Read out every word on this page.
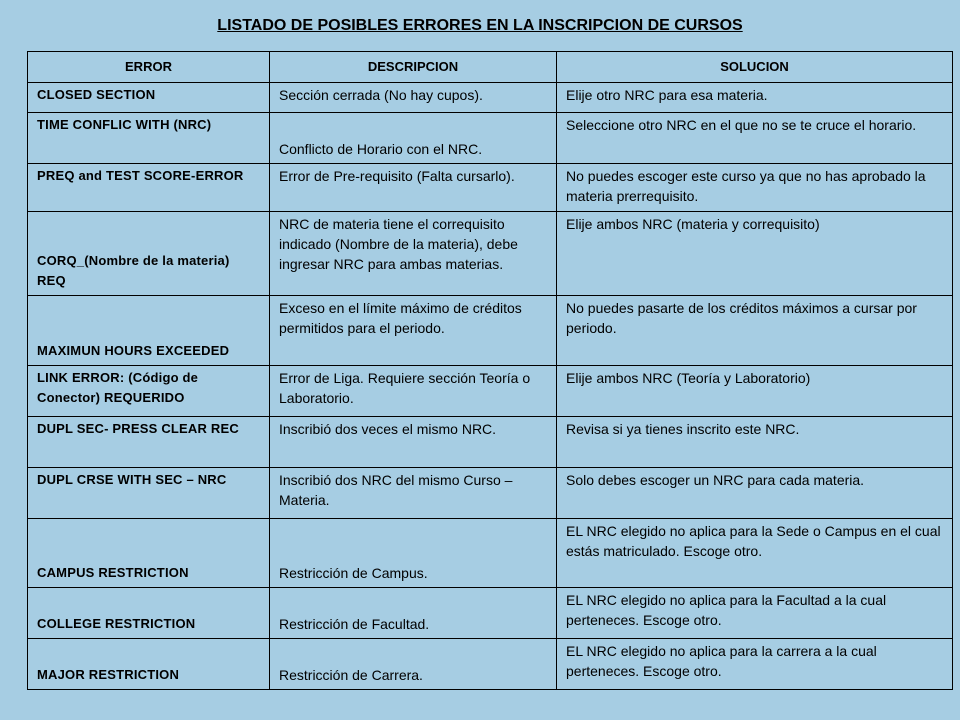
LISTADO DE POSIBLES ERRORES EN LA INSCRIPCION DE CURSOS
ERROR	DESCRIPCION	SOLUCION
CLOSED SECTION	Sección cerrada (No hay cupos).	Elije otro NRC para esa materia.
TIME CONFLIC WITH (NRC)	Conflicto de Horario con el NRC.	Seleccione otro NRC en el que no se te cruce el horario.
PREQ and TEST SCORE-ERROR	Error de Pre-requisito (Falta cursarlo).	No puedes escoger este curso ya que no has aprobado la materia prerrequisito.
CORQ_(Nombre de la materia) REQ	NRC de materia tiene el correquisito indicado (Nombre de la materia), debe ingresar NRC para ambas materias.	Elije ambos NRC (materia y correquisito)
MAXIMUN HOURS EXCEEDED	Exceso en el límite máximo de créditos permitidos para el periodo.	No puedes pasarte de los créditos máximos a cursar por periodo.
LINK ERROR: (Código de Conector) REQUERIDO	Error de Liga. Requiere sección Teoría o Laboratorio.	Elije ambos NRC (Teoría y Laboratorio)
DUPL SEC- PRESS CLEAR REC	Inscribió dos veces el mismo NRC.	Revisa si ya tienes inscrito este NRC.
DUPL CRSE WITH SEC – NRC	Inscribió dos NRC del mismo Curso – Materia.	Solo debes escoger un NRC para cada materia.
CAMPUS RESTRICTION	Restricción de Campus.	EL NRC elegido no aplica para la Sede o Campus en el cual estás matriculado. Escoge otro.
COLLEGE RESTRICTION	Restricción de Facultad.	EL NRC elegido no aplica para la Facultad a la cual perteneces. Escoge otro.
MAJOR RESTRICTION	Restricción de Carrera.	EL NRC elegido no aplica para la carrera a la cual perteneces. Escoge otro.
